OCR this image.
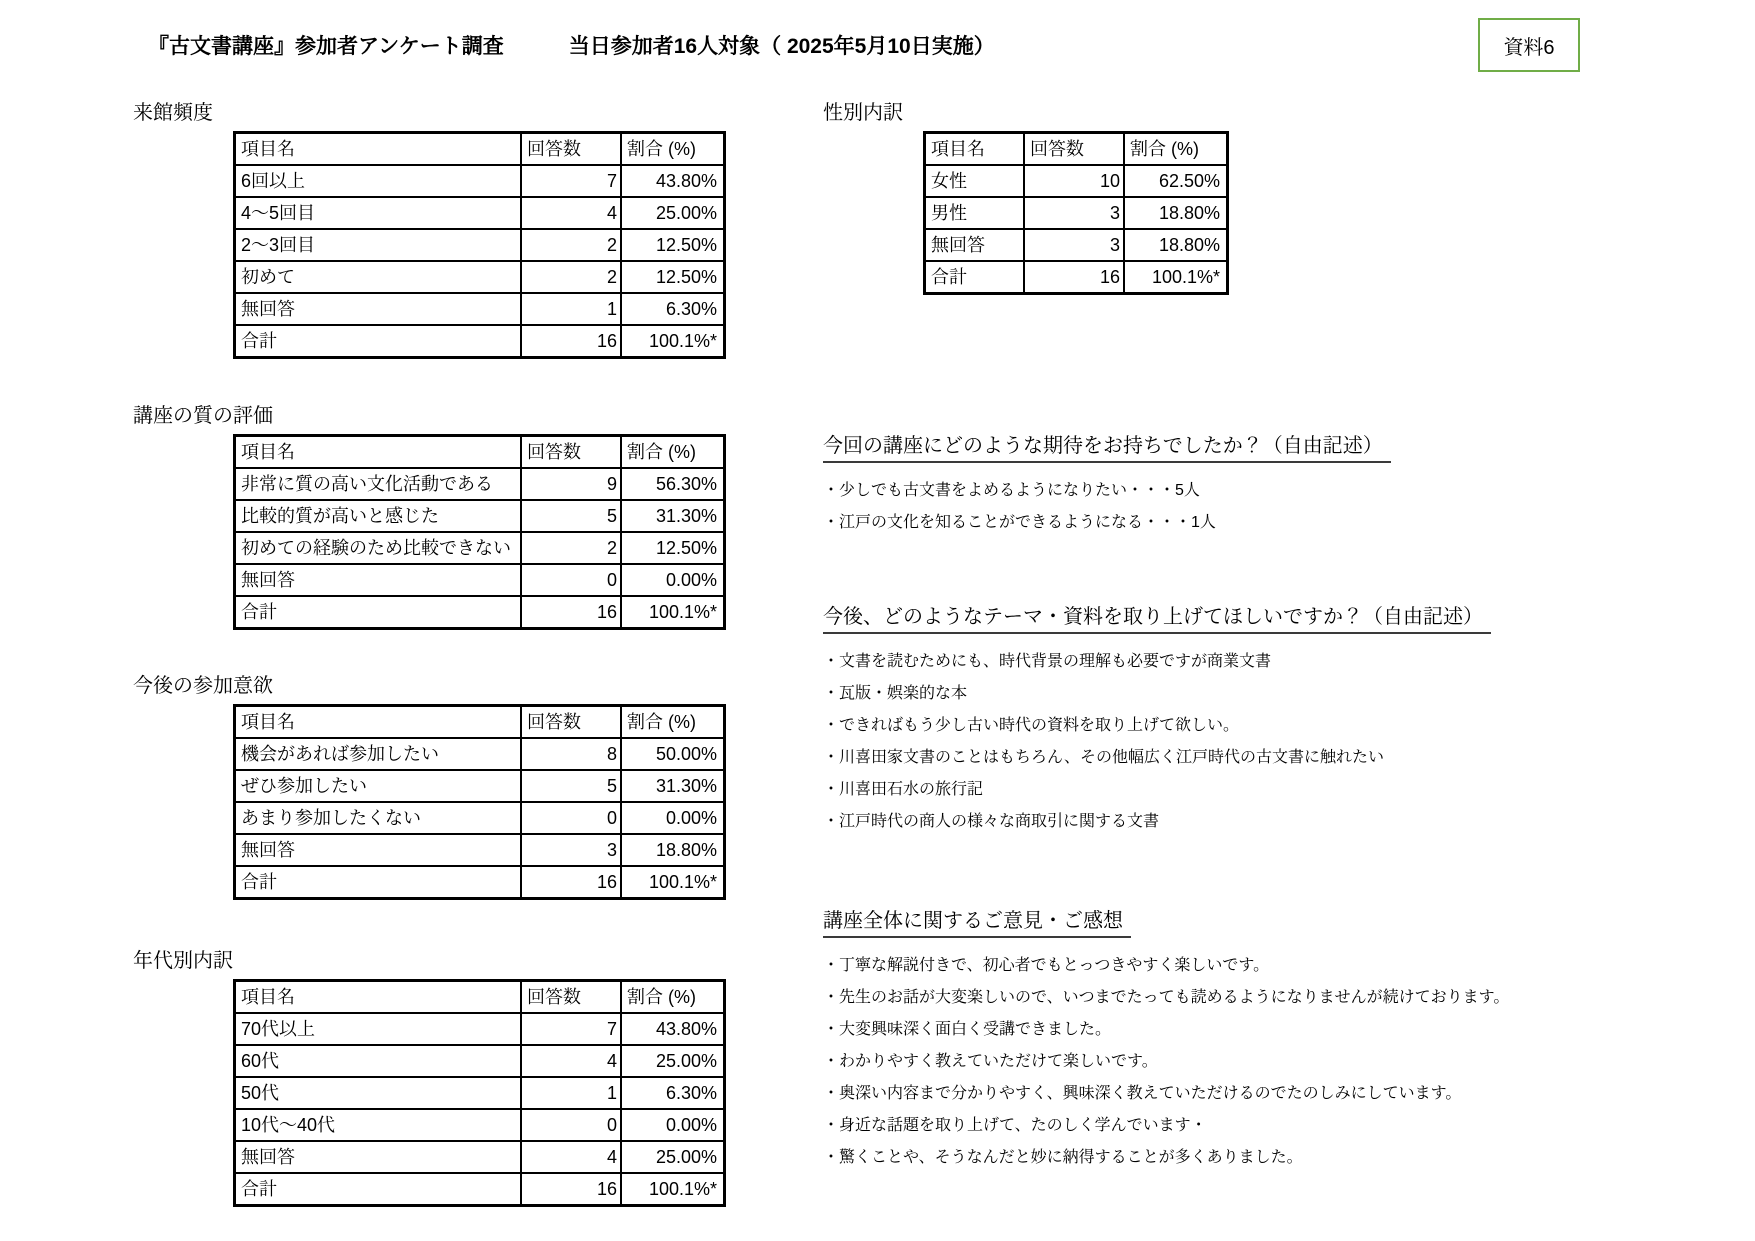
『古文書講座』参加者アンケート調査	当日参加者16人対象（ 2025年5月10日実施）	資料6
来館頻度
項目名	回答数	割合 (%)
6回以上	7	43.80%
4～5回目	4	25.00%
2～3回目	2	12.50%
初めて	2	12.50%
無回答	1	6.30%
合計	16	100.1%*
講座の質の評価
項目名	回答数	割合 (%)
非常に質の高い文化活動である	9	56.30%
比較的質が高いと感じた	5	31.30%
初めての経験のため比較できない	2	12.50%
無回答	0	0.00%
合計	16	100.1%*
今後の参加意欲
項目名	回答数	割合 (%)
機会があれば参加したい	8	50.00%
ぜひ参加したい	5	31.30%
あまり参加したくない	0	0.00%
無回答	3	18.80%
合計	16	100.1%*
年代別内訳
項目名	回答数	割合 (%)
70代以上	7	43.80%
60代	4	25.00%
50代	1	6.30%
10代～40代	0	0.00%
無回答	4	25.00%
合計	16	100.1%*
性別内訳
項目名	回答数	割合 (%)
女性	10	62.50%
男性	3	18.80%
無回答	3	18.80%
合計	16	100.1%*
今回の講座にどのような期待をお持ちでしたか？（自由記述）
・少しでも古文書をよめるようになりたい・・・5人
・江戸の文化を知ることができるようになる・・・1人
今後、どのようなテーマ・資料を取り上げてほしいですか？（自由記述）
・文書を読むためにも、時代背景の理解も必要ですが商業文書
・瓦版・娯楽的な本
・できればもう少し古い時代の資料を取り上げて欲しい。
・川喜田家文書のことはもちろん、その他幅広く江戸時代の古文書に触れたい
・川喜田石水の旅行記
・江戸時代の商人の様々な商取引に関する文書
講座全体に関するご意見・ご感想
・丁寧な解説付きで、初心者でもとっつきやすく楽しいです。
・先生のお話が大変楽しいので、いつまでたっても読めるようになりませんが続けております。
・大変興味深く面白く受講できました。
・わかりやすく教えていただけて楽しいです。
・奥深い内容まで分かりやすく、興味深く教えていただけるのでたのしみにしています。
・身近な話題を取り上げて、たのしく学んでいます・
・驚くことや、そうなんだと妙に納得することが多くありました。
